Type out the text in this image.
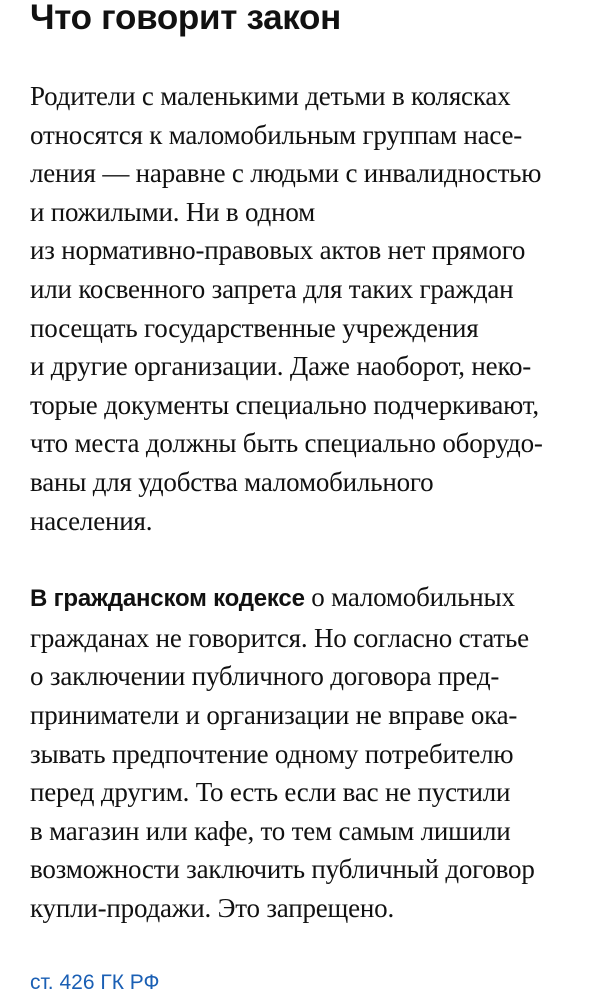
Что говорит закон

Родители с маленькими детьми в колясках
относятся к маломобильным группам насе-
ления — наравне с людьми с инвалидностью
и пожилыми. Ни в одном
из нормативно-правовых актов нет прямого
или косвенного запрета для таких граждан
посещать государственные учреждения
и другие организации. Даже наоборот, неко-
торые документы специально подчеркивают,
что места должны быть специально оборудо-
ваны для удобства маломобильного
населения.

В гражданском кодексе о маломобильных
гражданах не говорится. Но согласно статье
о заключении публичного договора пред-
приниматели и организации не вправе ока-
зывать предпочтение одному потребителю
перед другим. То есть если вас не пустили
в магазин или кафе, то тем самым лишили
возможности заключить публичный договор
купли-продажи. Это запрещено.

ст. 426 ГК РФ
